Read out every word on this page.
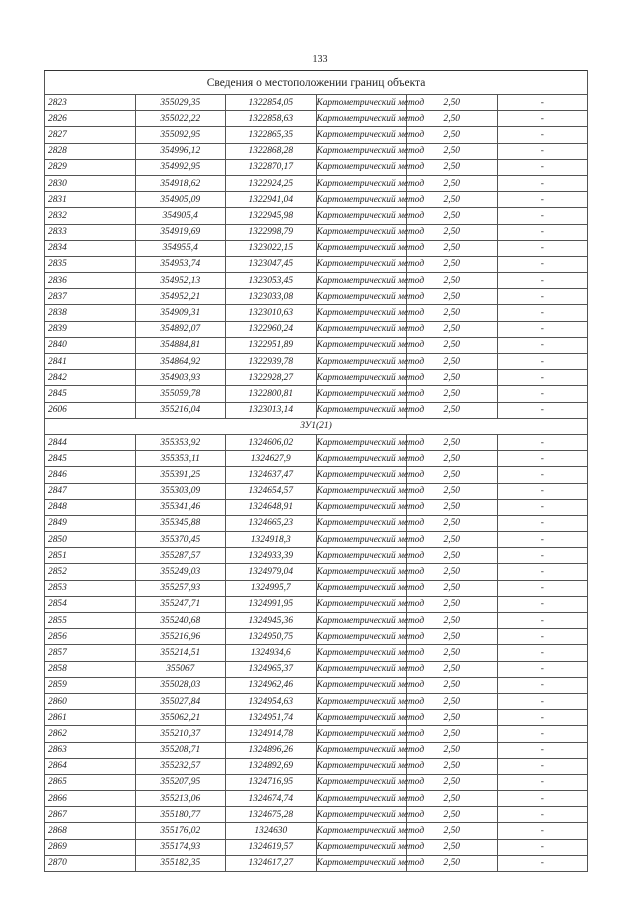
133
Сведения о местоположении границ объекта					
2823	355029,35	1322854,05	Картометрический метод	2,50	-
2826	355022,22	1322858,63	Картометрический метод	2,50	-
2827	355092,95	1322865,35	Картометрический метод	2,50	-
2828	354996,12	1322868,28	Картометрический метод	2,50	-
2829	354992,95	1322870,17	Картометрический метод	2,50	-
2830	354918,62	1322924,25	Картометрический метод	2,50	-
2831	354905,09	1322941,04	Картометрический метод	2,50	-
2832	354905,4	1322945,98	Картометрический метод	2,50	-
2833	354919,69	1322998,79	Картометрический метод	2,50	-
2834	354955,4	1323022,15	Картометрический метод	2,50	-
2835	354953,74	1323047,45	Картометрический метод	2,50	-
2836	354952,13	1323053,45	Картометрический метод	2,50	-
2837	354952,21	1323033,08	Картометрический метод	2,50	-
2838	354909,31	1323010,63	Картометрический метод	2,50	-
2839	354892,07	1322960,24	Картометрический метод	2,50	-
2840	354884,81	1322951,89	Картометрический метод	2,50	-
2841	354864,92	1322939,78	Картометрический метод	2,50	-
2842	354903,93	1322928,27	Картометрический метод	2,50	-
2845	355059,78	1322800,81	Картометрический метод	2,50	-
2606	355216,04	1323013,14	Картометрический метод	2,50	-
ЗУ1(21)					
2844	355353,92	1324606,02	Картометрический метод	2,50	-
2845	355353,11	1324627,9	Картометрический метод	2,50	-
2846	355391,25	1324637,47	Картометрический метод	2,50	-
2847	355303,09	1324654,57	Картометрический метод	2,50	-
2848	355341,46	1324648,91	Картометрический метод	2,50	-
2849	355345,88	1324665,23	Картометрический метод	2,50	-
2850	355370,45	1324918,3	Картометрический метод	2,50	-
2851	355287,57	1324933,39	Картометрический метод	2,50	-
2852	355249,03	1324979,04	Картометрический метод	2,50	-
2853	355257,93	1324995,7	Картометрический метод	2,50	-
2854	355247,71	1324991,95	Картометрический метод	2,50	-
2855	355240,68	1324945,36	Картометрический метод	2,50	-
2856	355216,96	1324950,75	Картометрический метод	2,50	-
2857	355214,51	1324934,6	Картометрический метод	2,50	-
2858	355067	1324965,37	Картометрический метод	2,50	-
2859	355028,03	1324962,46	Картометрический метод	2,50	-
2860	355027,84	1324954,63	Картометрический метод	2,50	-
2861	355062,21	1324951,74	Картометрический метод	2,50	-
2862	355210,37	1324914,78	Картометрический метод	2,50	-
2863	355208,71	1324896,26	Картометрический метод	2,50	-
2864	355232,57	1324892,69	Картометрический метод	2,50	-
2865	355207,95	1324716,95	Картометрический метод	2,50	-
2866	355213,06	1324674,74	Картометрический метод	2,50	-
2867	355180,77	1324675,28	Картометрический метод	2,50	-
2868	355176,02	1324630	Картометрический метод	2,50	-
2869	355174,93	1324619,57	Картометрический метод	2,50	-
2870	355182,35	1324617,27	Картометрический метод	2,50	-
